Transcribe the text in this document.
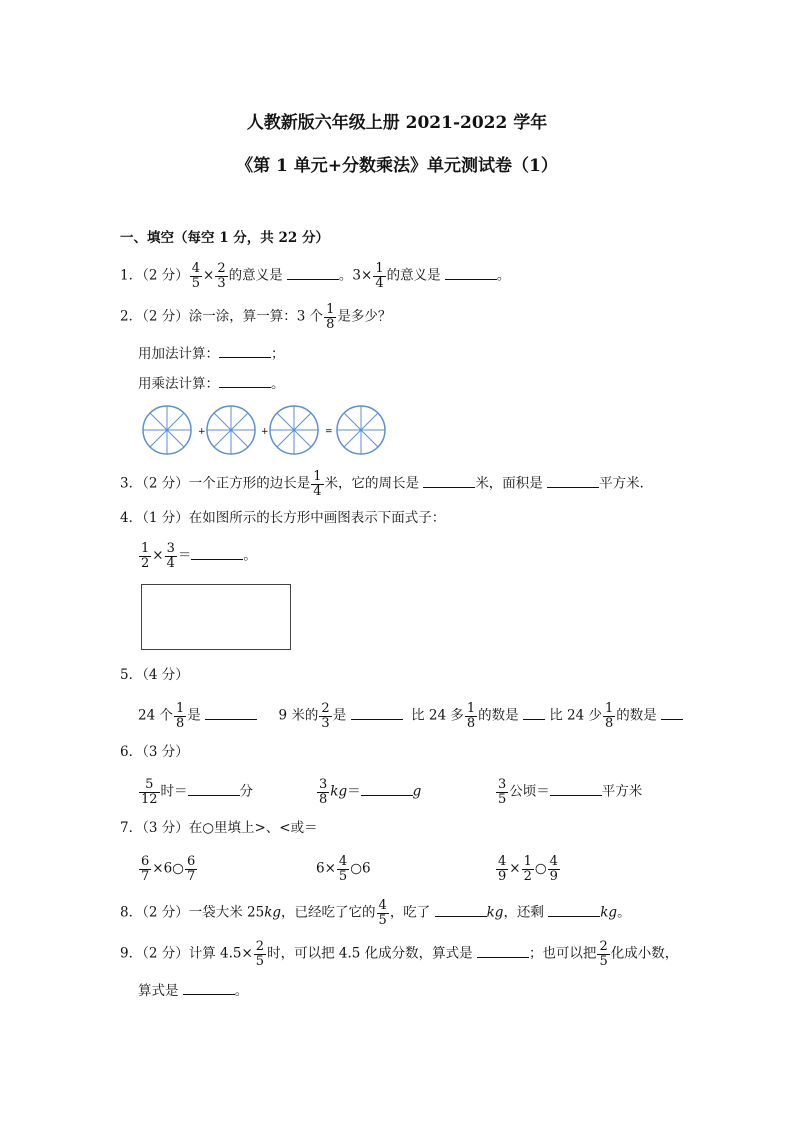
人教新版六年级上册 2021-2022 学年
《第 1 单元+分数乘法》单元测试卷（1）
一、填空（每空 1 分，共 22 分）
1．（2 分） $\frac{4}{5} \times \frac{2}{3}$ 的意义是	。$3\times \frac{1}{4}$ 的意义是	。
2．（2 分）涂一涂，算一算：3 个 $\frac{1}{8}$ 是多少？
用加法计算：	；
用乘法计算：	。
+	+	=
3．（2 分）一个正方形的边长是 $\frac{1}{4}$ 米，它的周长是	米，面积是	平方米．
4．（1 分）在如图所示的长方形中画图表示下面式子：
$\frac{1}{2} \times \frac{3}{4}$ ＝	。
5．（4 分）
24 个 $\frac{1}{8}$ 是	9 米的 $\frac{2}{3}$ 是	比 24 多 $\frac{1}{8}$ 的数是 比 24 少 $\frac{1}{8}$ 的数是
6．（3 分）
$\frac{5}{12}$ 时＝	分	$\frac{3}{8} kg=$	g	$\frac{3}{5}$ 公顷＝	平方米
7．（3 分）在○里填上>、<或＝
$\frac{6}{7}$ ×6○ $\frac{6}{7}$	$6\times \frac{4}{5}$ ○6	$\frac{4}{9} \times \frac{1}{2}$ ○ $\frac{4}{9}$
8．（2 分）一袋大米 25kg，已经吃了它的 $\frac{4}{5}$ ，吃了	kg，还剩	kg。
9．（2 分）计算 $4.5\times \frac{2}{5}$ 时，可以把 4.5 化成分数，算式是	；也可以把 $\frac{2}{5}$ 化成小数，
算式是	。
